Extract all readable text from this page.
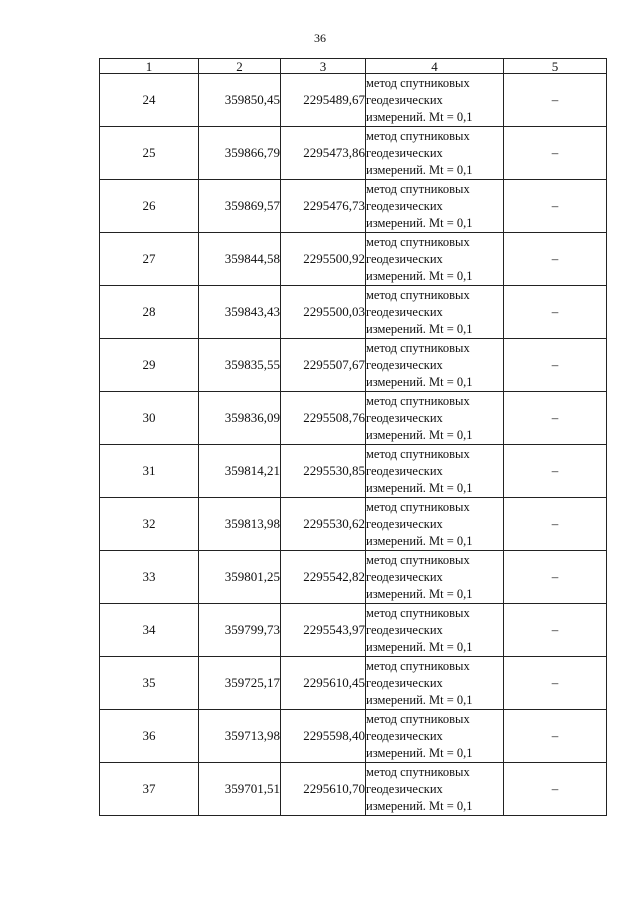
36
1	2	3	4	5
24	359850,45	2295489,67	метод спутниковых
геодезических
измерений. Mt = 0,1	–
25	359866,79	2295473,86	метод спутниковых
геодезических
измерений. Mt = 0,1	–
26	359869,57	2295476,73	метод спутниковых
геодезических
измерений. Mt = 0,1	–
27	359844,58	2295500,92	метод спутниковых
геодезических
измерений. Mt = 0,1	–
28	359843,43	2295500,03	метод спутниковых
геодезических
измерений. Mt = 0,1	–
29	359835,55	2295507,67	метод спутниковых
геодезических
измерений. Mt = 0,1	–
30	359836,09	2295508,76	метод спутниковых
геодезических
измерений. Mt = 0,1	–
31	359814,21	2295530,85	метод спутниковых
геодезических
измерений. Mt = 0,1	–
32	359813,98	2295530,62	метод спутниковых
геодезических
измерений. Mt = 0,1	–
33	359801,25	2295542,82	метод спутниковых
геодезических
измерений. Mt = 0,1	–
34	359799,73	2295543,97	метод спутниковых
геодезических
измерений. Mt = 0,1	–
35	359725,17	2295610,45	метод спутниковых
геодезических
измерений. Mt = 0,1	–
36	359713,98	2295598,40	метод спутниковых
геодезических
измерений. Mt = 0,1	–
37	359701,51	2295610,70	метод спутниковых
геодезических
измерений. Mt = 0,1	–
